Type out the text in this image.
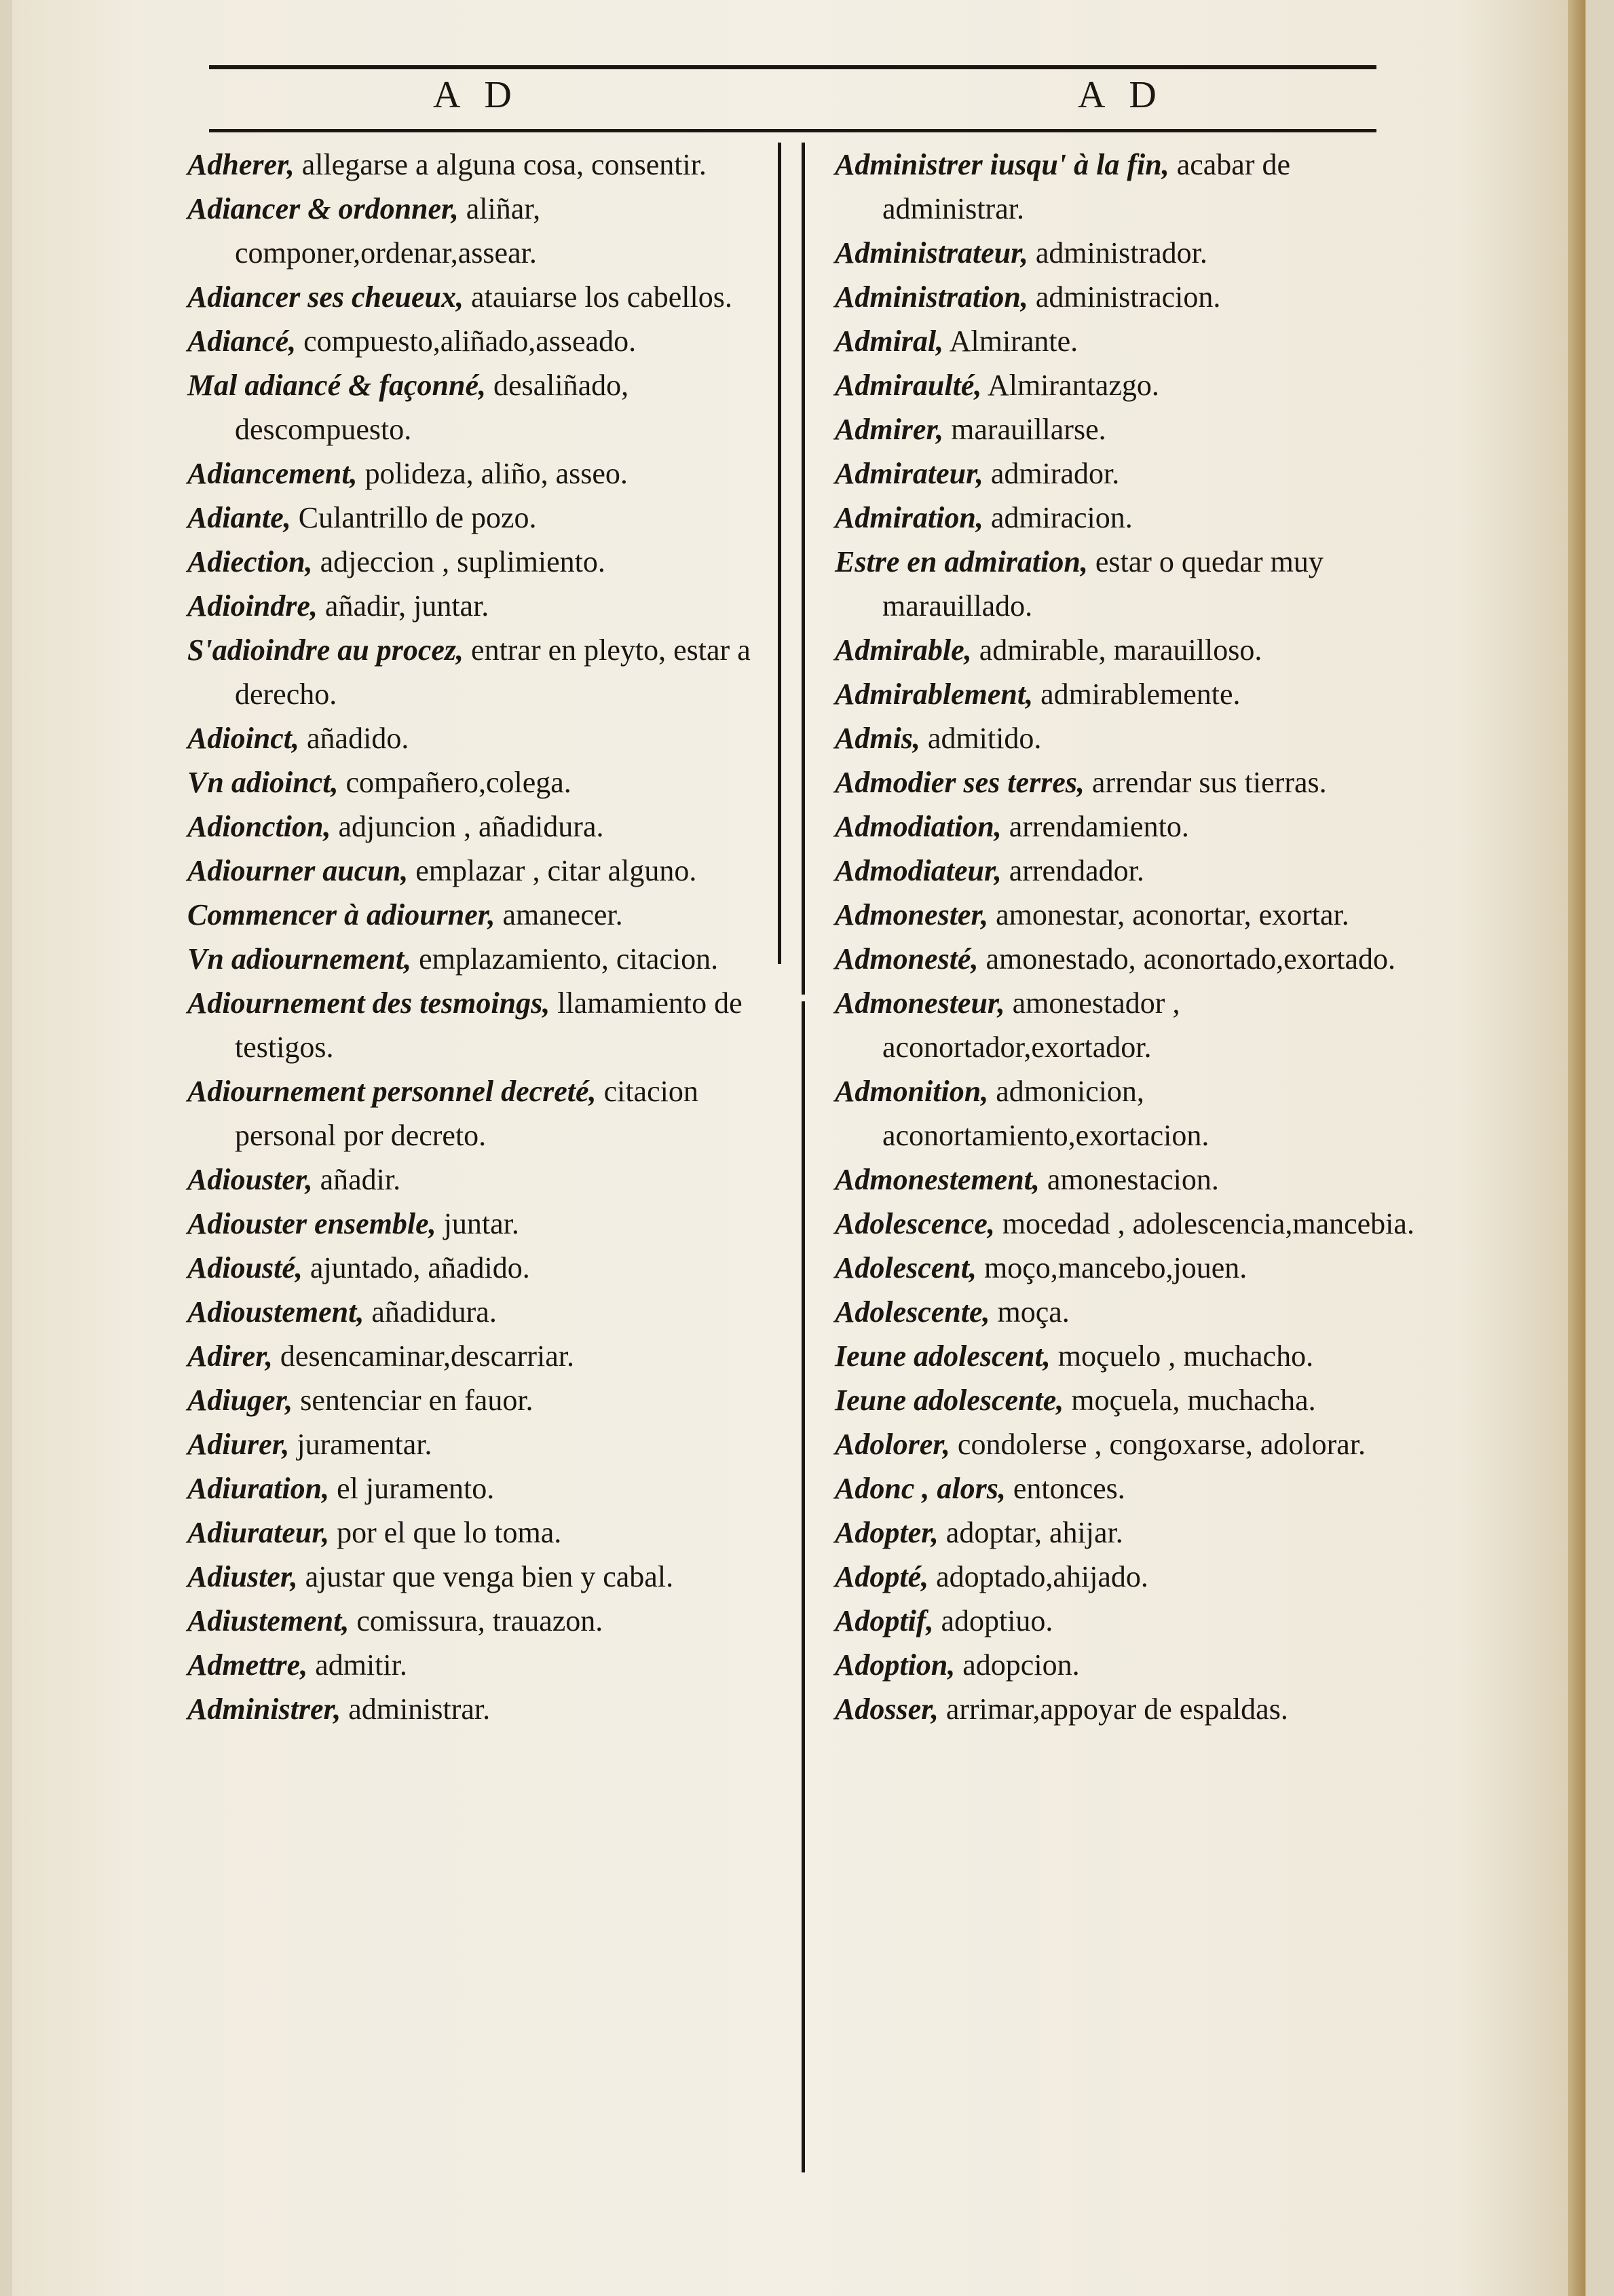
A D	A D

Adherer, allegarse a alguna cosa, consentir.

Adiancer & ordonner, aliñar, componer,ordenar,assear.

Adiancer ses cheueux, atauiarse los cabellos.

Adiancé, compuesto,aliñado,asseado.

Mal adiancé & façonné, desaliñado, descompuesto.

Adiancement, polideza, aliño, asseo.

Adiante, Culantrillo de pozo.

Adiection, adjeccion , suplimiento.

Adioindre, añadir, juntar.

S'adioindre au procez, entrar en pleyto, estar a derecho.

Adioinct, añadido.

Vn adioinct, compañero,colega.

Adionction, adjuncion , añadidura.

Adiourner aucun, emplazar , citar alguno.

Commencer à adiourner, amanecer.

Vn adiournement, emplazamiento, citacion.

Adiournement des tesmoings, llamamiento de testigos.

Adiournement personnel decreté, citacion personal por decreto.

Adiouster, añadir.

Adiouster ensemble, juntar.

Adiousté, ajuntado, añadido.

Adioustement, añadidura.

Adirer, desencaminar,descarriar.

Adiuger, sentenciar en fauor.

Adiurer, juramentar.

Adiuration, el juramento.

Adiurateur, por el que lo toma.

Adiuster, ajustar que venga bien y cabal.

Adiustement, comissura, trauazon.

Admettre, admitir.

Administrer, administrar.

Administrer iusqu' à la fin, acabar de administrar.

Administrateur, administrador.

Administration, administracion.

Admiral, Almirante.

Admiraulté, Almirantazgo.

Admirer, marauillarse.

Admirateur, admirador.

Admiration, admiracion.

Estre en admiration, estar o quedar muy marauillado.

Admirable, admirable, marauilloso.

Admirablement, admirablemente.

Admis, admitido.

Admodier ses terres, arrendar sus tierras.

Admodiation, arrendamiento.

Admodiateur, arrendador.

Admonester, amonestar, aconortar, exortar.

Admonesté, amonestado, aconortado,exortado.

Admonesteur, amonestador , aconortador,exortador.

Admonition, admonicion, aconortamiento,exortacion.

Admonestement, amonestacion.

Adolescence, mocedad , adolescencia,mancebia.

Adolescent, moço,mancebo,jouen.

Adolescente, moça.

Ieune adolescent, moçuelo , muchacho.

Ieune adolescente, moçuela, muchacha.

Adolorer, condolerse , congoxarse, adolorar.

Adonc , alors, entonces.

Adopter, adoptar, ahijar.

Adopté, adoptado,ahijado.

Adoptif, adoptiuo.

Adoption, adopcion.

Adosser, arrimar,appoyar de espaldas.
